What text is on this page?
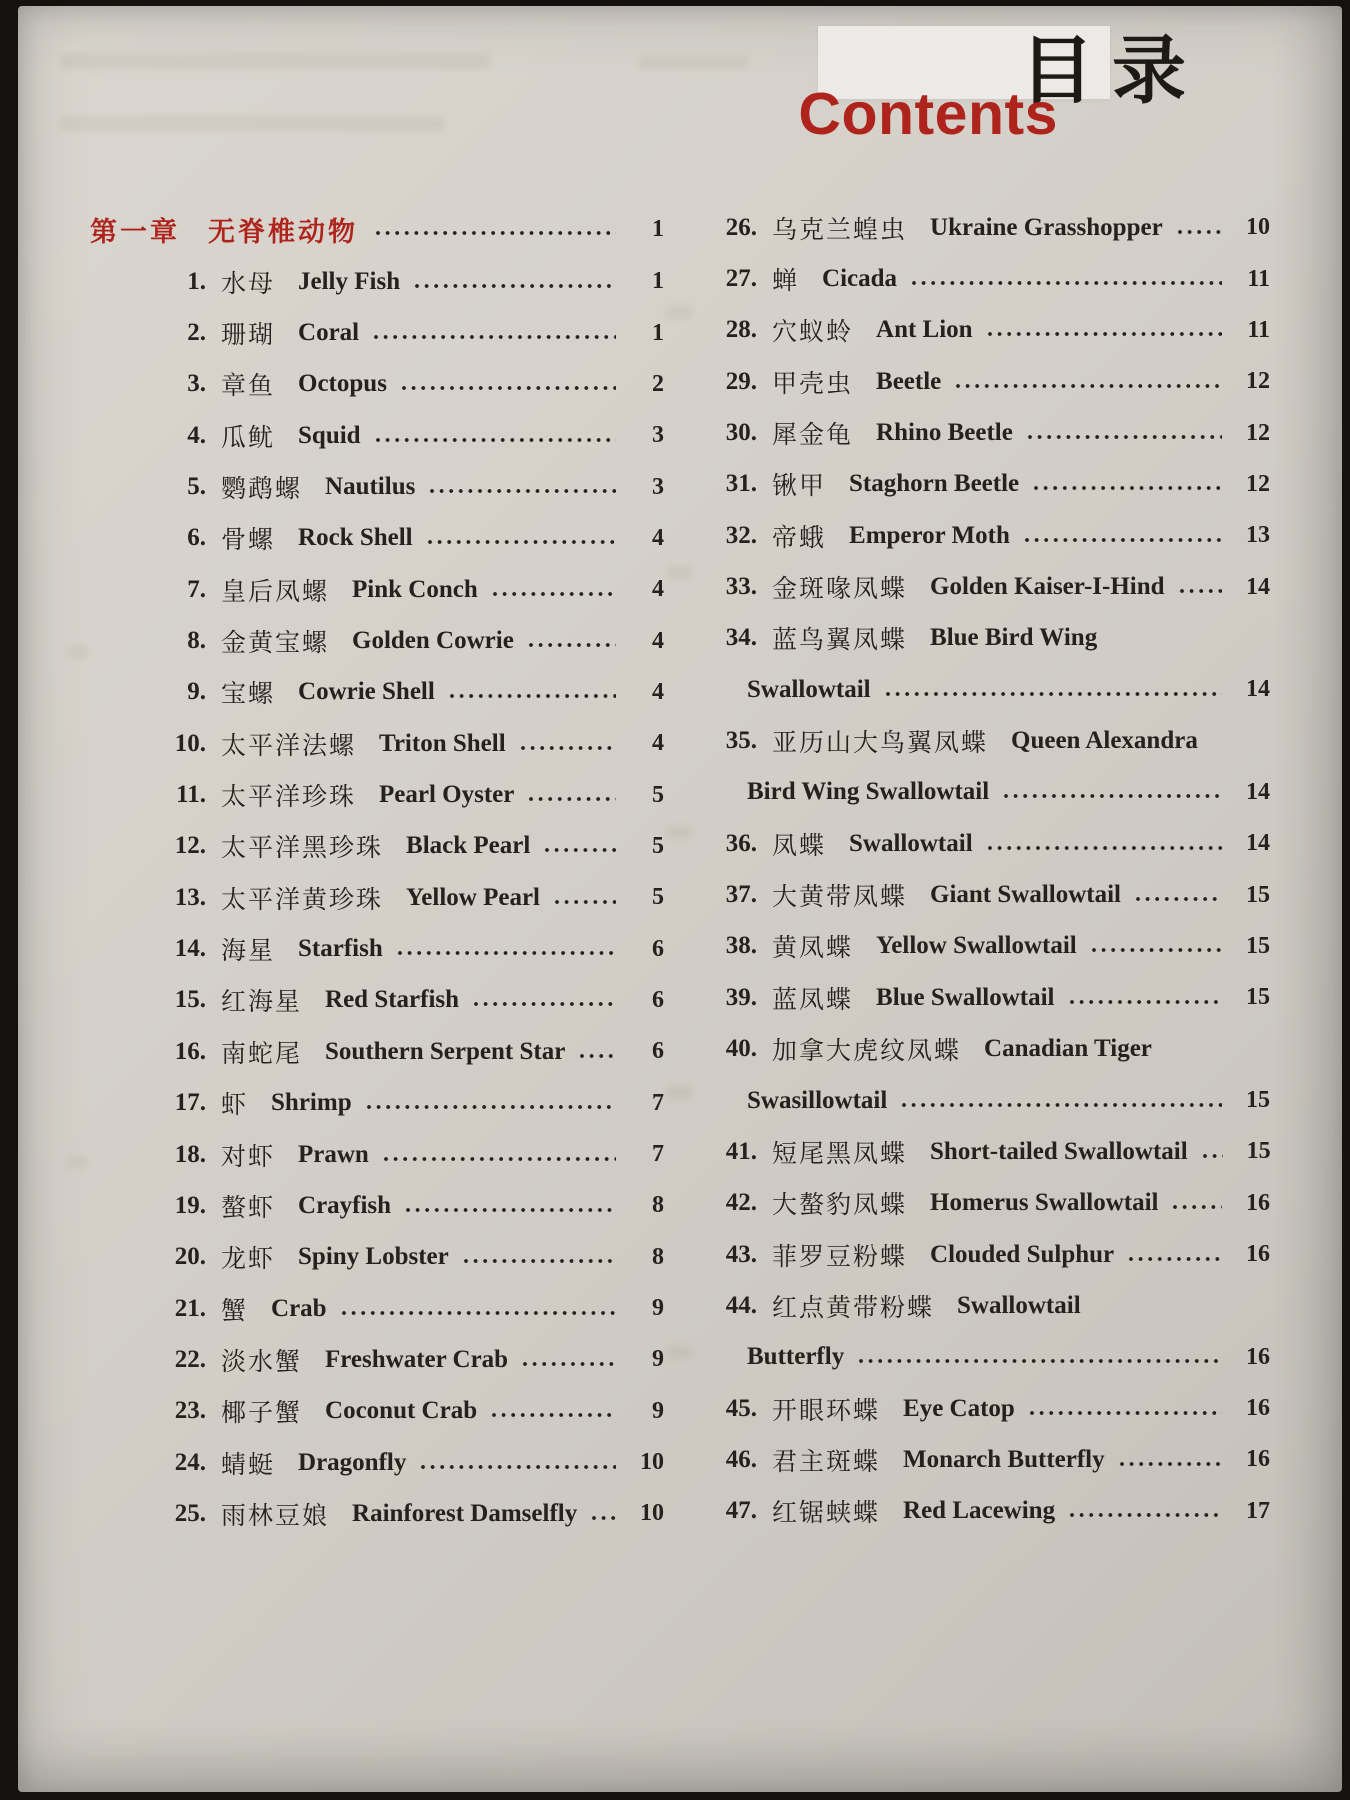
目录
Contents
第一章 无脊椎动物	1
1. 水母 Jelly Fish	1
2. 珊瑚 Coral	1
3. 章鱼 Octopus	2
4. 瓜鱿 Squid	3
5. 鹦鹉螺 Nautilus	3
6. 骨螺 Rock Shell	4
7. 皇后凤螺 Pink Conch	4
8. 金黄宝螺 Golden Cowrie	4
9. 宝螺 Cowrie Shell	4
10. 太平洋法螺 Triton Shell	4
11. 太平洋珍珠 Pearl Oyster	5
12. 太平洋黑珍珠 Black Pearl	5
13. 太平洋黄珍珠 Yellow Pearl	5
14. 海星 Starfish	6
15. 红海星 Red Starfish	6
16. 南蛇尾 Southern Serpent Star	6
17. 虾 Shrimp	7
18. 对虾 Prawn	7
19. 螯虾 Crayfish	8
20. 龙虾 Spiny Lobster	8
21. 蟹 Crab	9
22. 淡水蟹 Freshwater Crab	9
23. 椰子蟹 Coconut Crab	9
24. 蜻蜓 Dragonfly	10
25. 雨林豆娘 Rainforest Damselfly	10
26. 乌克兰蝗虫 Ukraine Grasshopper	10
27. 蝉 Cicada	11
28. 穴蚁蛉 Ant Lion	11
29. 甲壳虫 Beetle	12
30. 犀金龟 Rhino Beetle	12
31. 锹甲 Staghorn Beetle	12
32. 帝蛾 Emperor Moth	13
33. 金斑喙凤蝶 Golden Kaiser-I-Hind	14
34. 蓝鸟翼凤蝶 Blue Bird Wing
Swallowtail	14
35. 亚历山大鸟翼凤蝶 Queen Alexandra
Bird Wing Swallowtail	14
36. 凤蝶 Swallowtail	14
37. 大黄带凤蝶 Giant Swallowtail	15
38. 黄凤蝶 Yellow Swallowtail	15
39. 蓝凤蝶 Blue Swallowtail	15
40. 加拿大虎纹凤蝶 Canadian Tiger
Swasillowtail	15
41. 短尾黑凤蝶 Short-tailed Swallowtail	15
42. 大螯豹凤蝶 Homerus Swallowtail	16
43. 菲罗豆粉蝶 Clouded Sulphur	16
44. 红点黄带粉蝶 Swallowtail
Butterfly	16
45. 开眼环蝶 Eye Catop	16
46. 君主斑蝶 Monarch Butterfly	16
47. 红锯蛱蝶 Red Lacewing	17
